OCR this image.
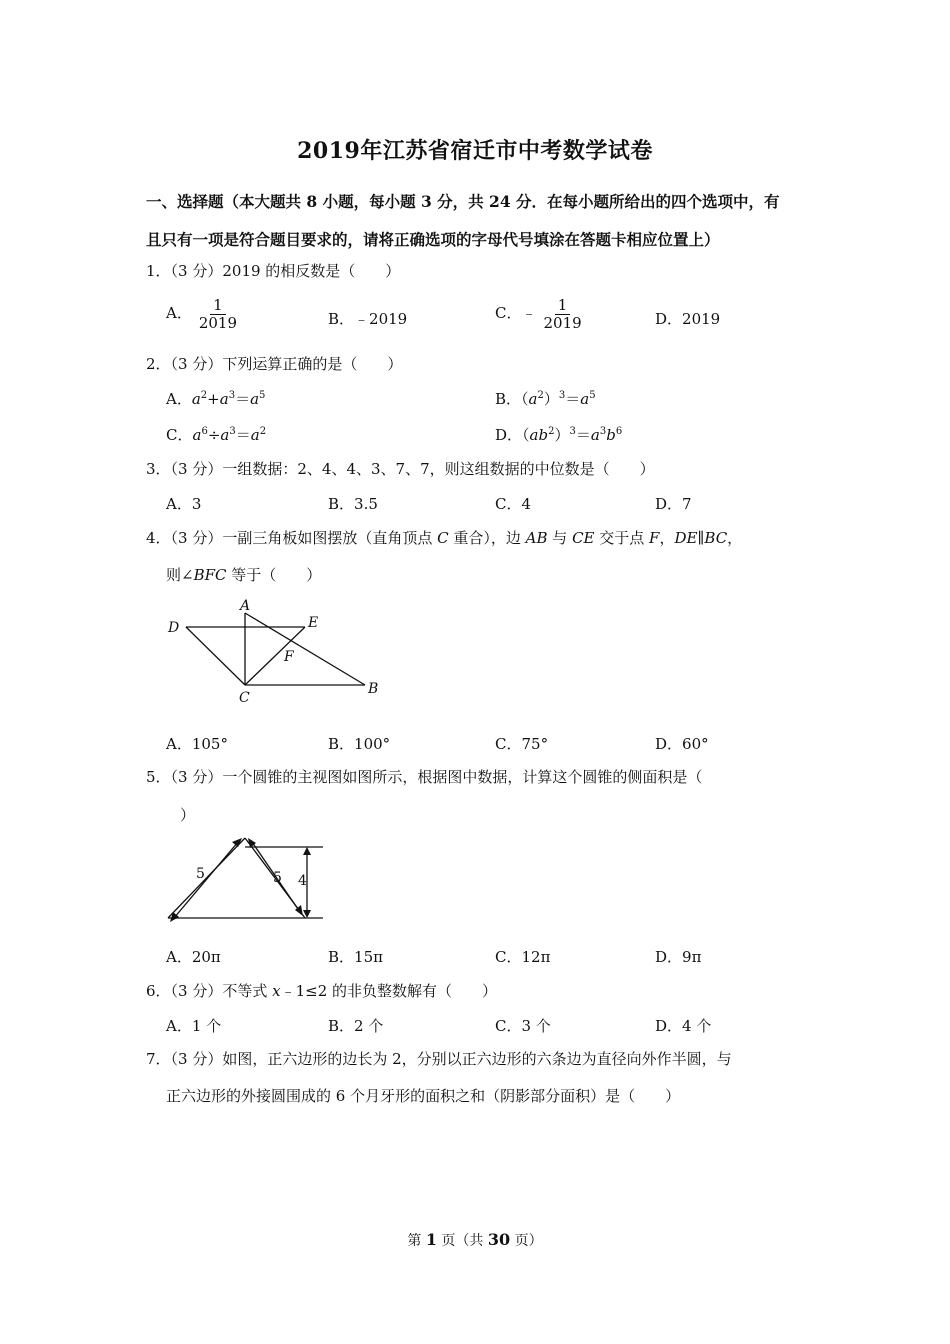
2019年江苏省宿迁市中考数学试卷
一、选择题（本大题共 8 小题，每小题 3 分，共 24 分．在每小题所给出的四个选项中，有
且只有一项是符合题目要求的，请将正确选项的字母代号填涂在答题卡相应位置上）
1．（3 分）2019 的相反数是（　　）
A． $\frac{1}{2019}$	B．﹣2019	C．﹣ $\frac{1}{2019}$	D．2019
2．（3 分）下列运算正确的是（　　）
A．$a^2+a^3=a^5$	B．$(a^2)^3=a^5$
C．$a^6\div a^3=a^2$	D．$(ab^2)^3=a^3b^6$
3．（3 分）一组数据：2、4、4、3、7、7，则这组数据的中位数是（　　）
A．3	B．3.5	C．4	D．7
4．（3 分）一副三角板如图摆放（直角顶点 C 重合），边 AB 与 CE 交于点 F，DE∥BC，
则∠BFC 等于（　　）
A
D	E
F
C
B
A．105°	B．100°	C．75°	D．60°
5．（3 分）一个圆锥的主视图如图所示，根据图中数据，计算这个圆锥的侧面积是（
）
5	5 4
A．20π	B．15π	C．12π	D．9π
6．（3 分）不等式 x﹣1≤2 的非负整数解有（　　）
A．1 个	B．2 个	C．3 个	D．4 个
7．（3 分）如图，正六边形的边长为 2，分别以正六边形的六条边为直径向外作半圆，与
正六边形的外接圆围成的 6 个月牙形的面积之和（阴影部分面积）是（　　）
第 1 页（共 30 页）
